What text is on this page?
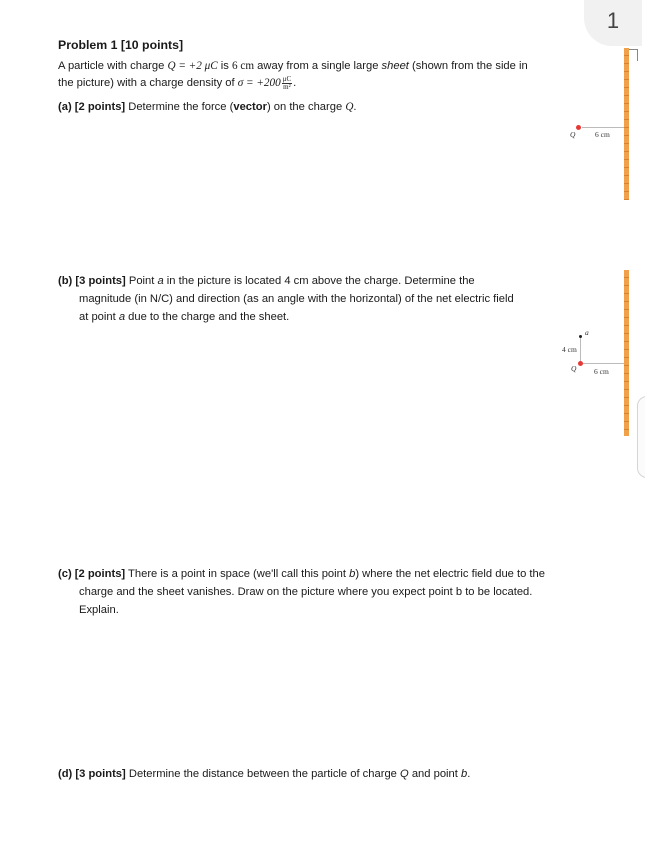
1
Problem 1 [10 points]
A particle with charge Q = +2 μC is 6 cm away from a single large sheet (shown from the side in
the picture) with a charge density of $\sigma = +200 \frac{\mu C}{\text{m²}}$ .
(a) [2 points] Determine the force (vector) on the charge Q.
Q	6 cm
(b) [3 points] Point a in the picture is located 4 cm above the charge. Determine the
magnitude (in N/C) and direction (as an angle with the horizontal) of the net electric field
at point a due to the charge and the sheet.
a
4 cm
Q 6 cm
(c) [2 points] There is a point in space (we'll call this point b) where the net electric field due to the
charge and the sheet vanishes. Draw on the picture where you expect point b to be located.
Explain.
(d) [3 points] Determine the distance between the particle of charge Q and point b.
